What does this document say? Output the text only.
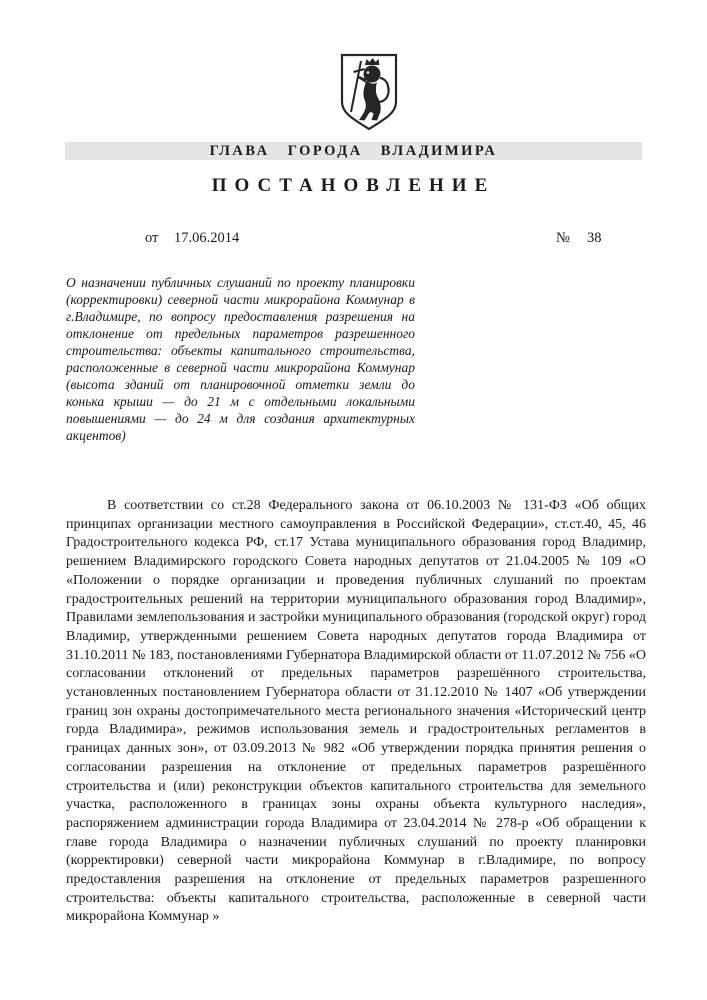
ГЛАВА ГОРОДА ВЛАДИМИРА
ПОСТАНОВЛЕНИЕ
от 17.06.2014	№ 38
О назначении публичных слушаний по проекту планировки (корректировки) северной части микрорайона Коммунар в г.Владимире, по вопросу предоставления разрешения на отклонение от предельных параметров разрешенного строительства: объекты капитального строительства, расположенные в северной части микрорайона Коммунар (высота зданий от планировочной отметки земли до конька крыши — до 21 м с отдельными локальными повышениями — до 24 м для создания архитектурных акцентов)
В соответствии со ст.28 Федерального закона от 06.10.2003 № 131-ФЗ «Об общих принципах организации местного самоуправления в Российской Федерации», ст.ст.40, 45, 46 Градостроительного кодекса РФ, ст.17 Устава муниципального образования город Владимир, решением Владимирского городского Совета народных депутатов от 21.04.2005 № 109 «О «Положении о порядке организации и проведения публичных слушаний по проектам градостроительных решений на территории муниципального образования город Владимир», Правилами землепользования и застройки муниципального образования (городской округ) город Владимир, утвержденными решением Совета народных депутатов города Владимира от 31.10.2011 № 183, постановлениями Губернатора Владимирской области от 11.07.2012 № 756 «О согласовании отклонений от предельных параметров разрешённого строительства, установленных постановлением Губернатора области от 31.12.2010 № 1407 «Об утверждении границ зон охраны достопримечательного места регионального значения «Исторический центр горда Владимира», режимов использования земель и градостроительных регламентов в границах данных зон», от 03.09.2013 № 982 «Об утверждении порядка принятия решения о согласовании разрешения на отклонение от предельных параметров разрешённого строительства и (или) реконструкции объектов капитального строительства для земельного участка, расположенного в границах зоны охраны объекта культурного наследия», распоряжением администрации города Владимира от 23.04.2014 № 278-р «Об обращении к главе города Владимира о назначении публичных слушаний по проекту планировки (корректировки) северной части микрорайона Коммунар в г.Владимире, по вопросу предоставления разрешения на отклонение от предельных параметров разрешенного строительства: объекты капитального строительства, расположенные в северной части микрорайона Коммунар »
